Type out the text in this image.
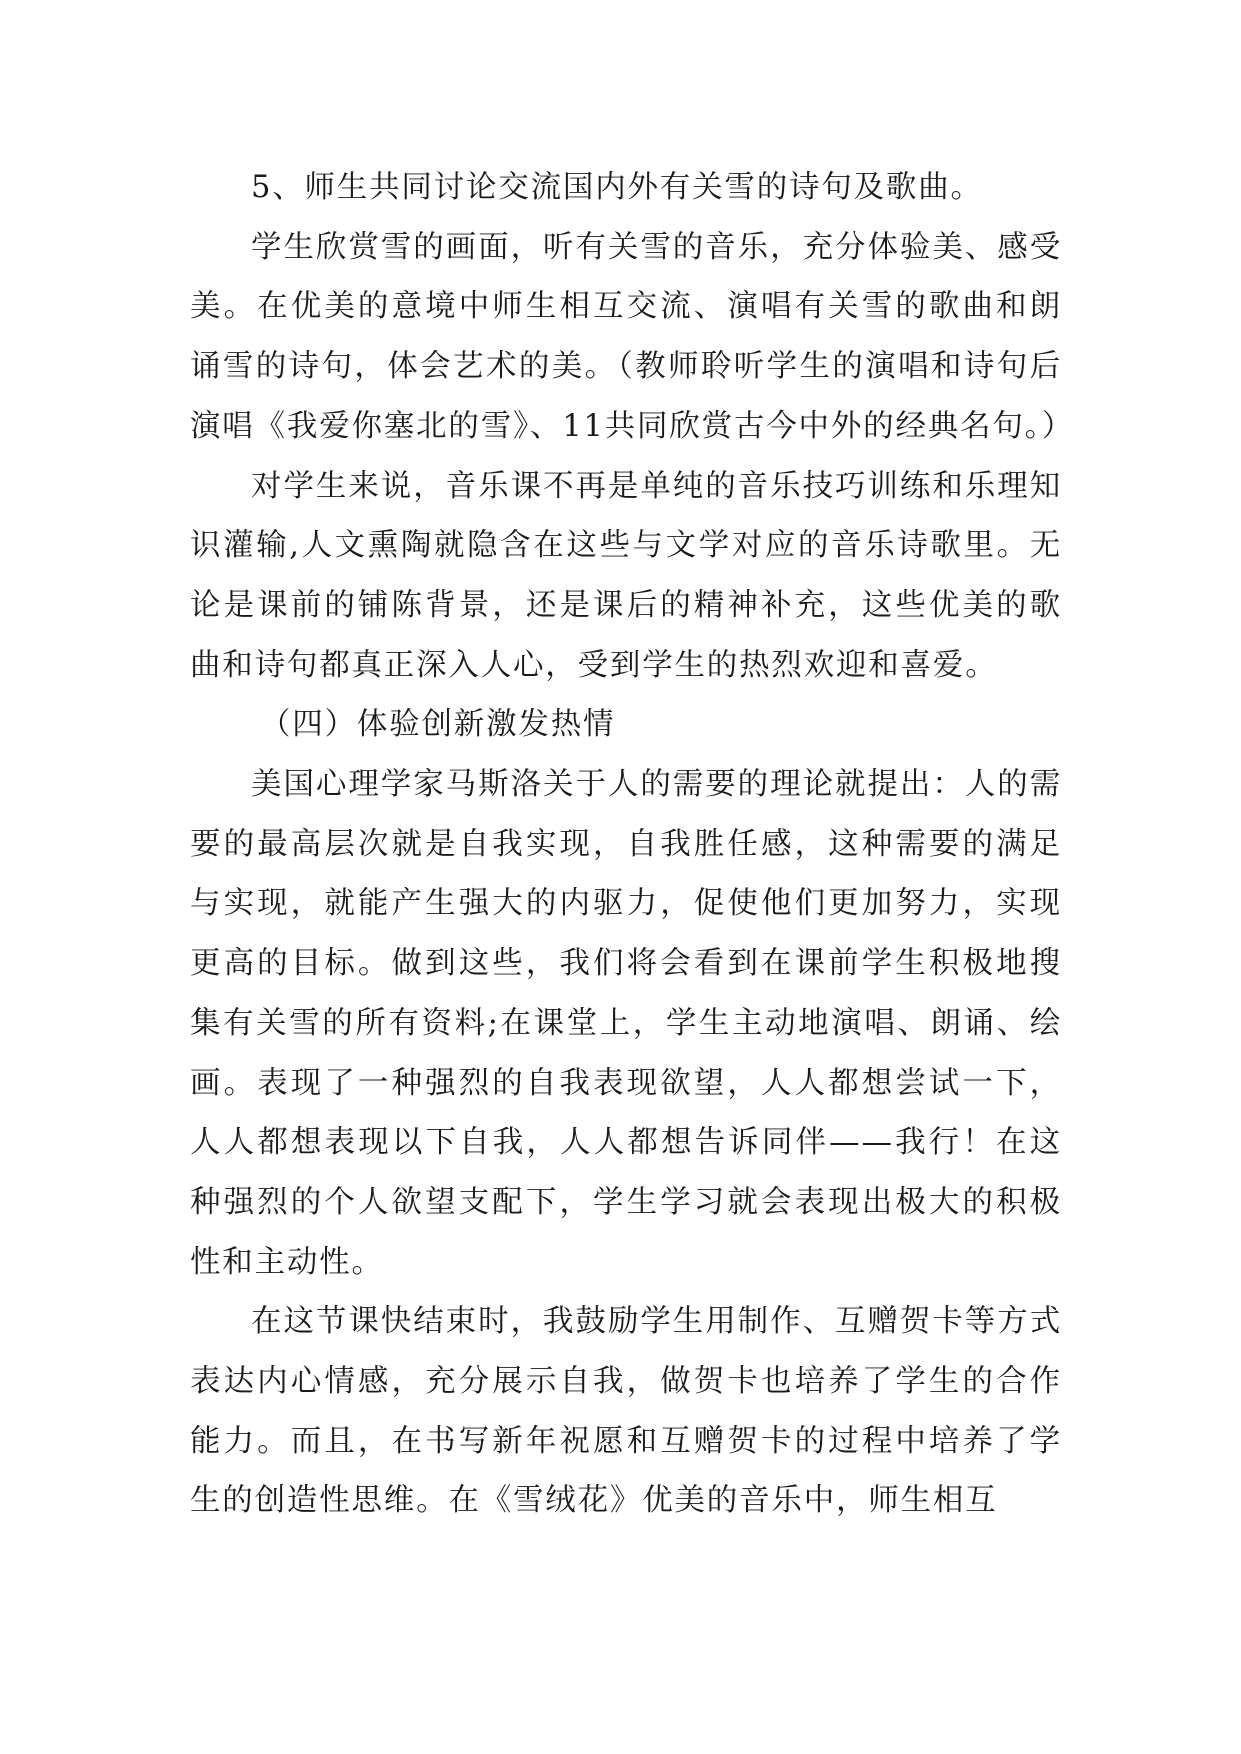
5、师生共同讨论交流国内外有关雪的诗句及歌曲。

学生欣赏雪的画面，听有关雪的音乐，充分体验美、感受美。在优美的意境中师生相互交流、演唱有关雪的歌曲和朗诵雪的诗句，体会艺术的美。（教师聆听学生的演唱和诗句后演唱《我爱你塞北的雪》、11共同欣赏古今中外的经典名句。）

对学生来说，音乐课不再是单纯的音乐技巧训练和乐理知识灌输,人文熏陶就隐含在这些与文学对应的音乐诗歌里。无论是课前的铺陈背景，还是课后的精神补充，这些优美的歌曲和诗句都真正深入人心，受到学生的热烈欢迎和喜爱。

（四）体验创新激发热情

美国心理学家马斯洛关于人的需要的理论就提出：人的需要的最高层次就是自我实现，自我胜任感，这种需要的满足与实现，就能产生强大的内驱力，促使他们更加努力，实现更高的目标。做到这些，我们将会看到在课前学生积极地搜集有关雪的所有资料;在课堂上，学生主动地演唱、朗诵、绘画。表现了一种强烈的自我表现欲望，人人都想尝试一下，人人都想表现以下自我，人人都想告诉同伴——我行！在这种强烈的个人欲望支配下，学生学习就会表现出极大的积极性和主动性。

在这节课快结束时，我鼓励学生用制作、互赠贺卡等方式表达内心情感，充分展示自我，做贺卡也培养了学生的合作能力。而且，在书写新年祝愿和互赠贺卡的过程中培养了学生的创造性思维。在《雪绒花》优美的音乐中，师生相互
